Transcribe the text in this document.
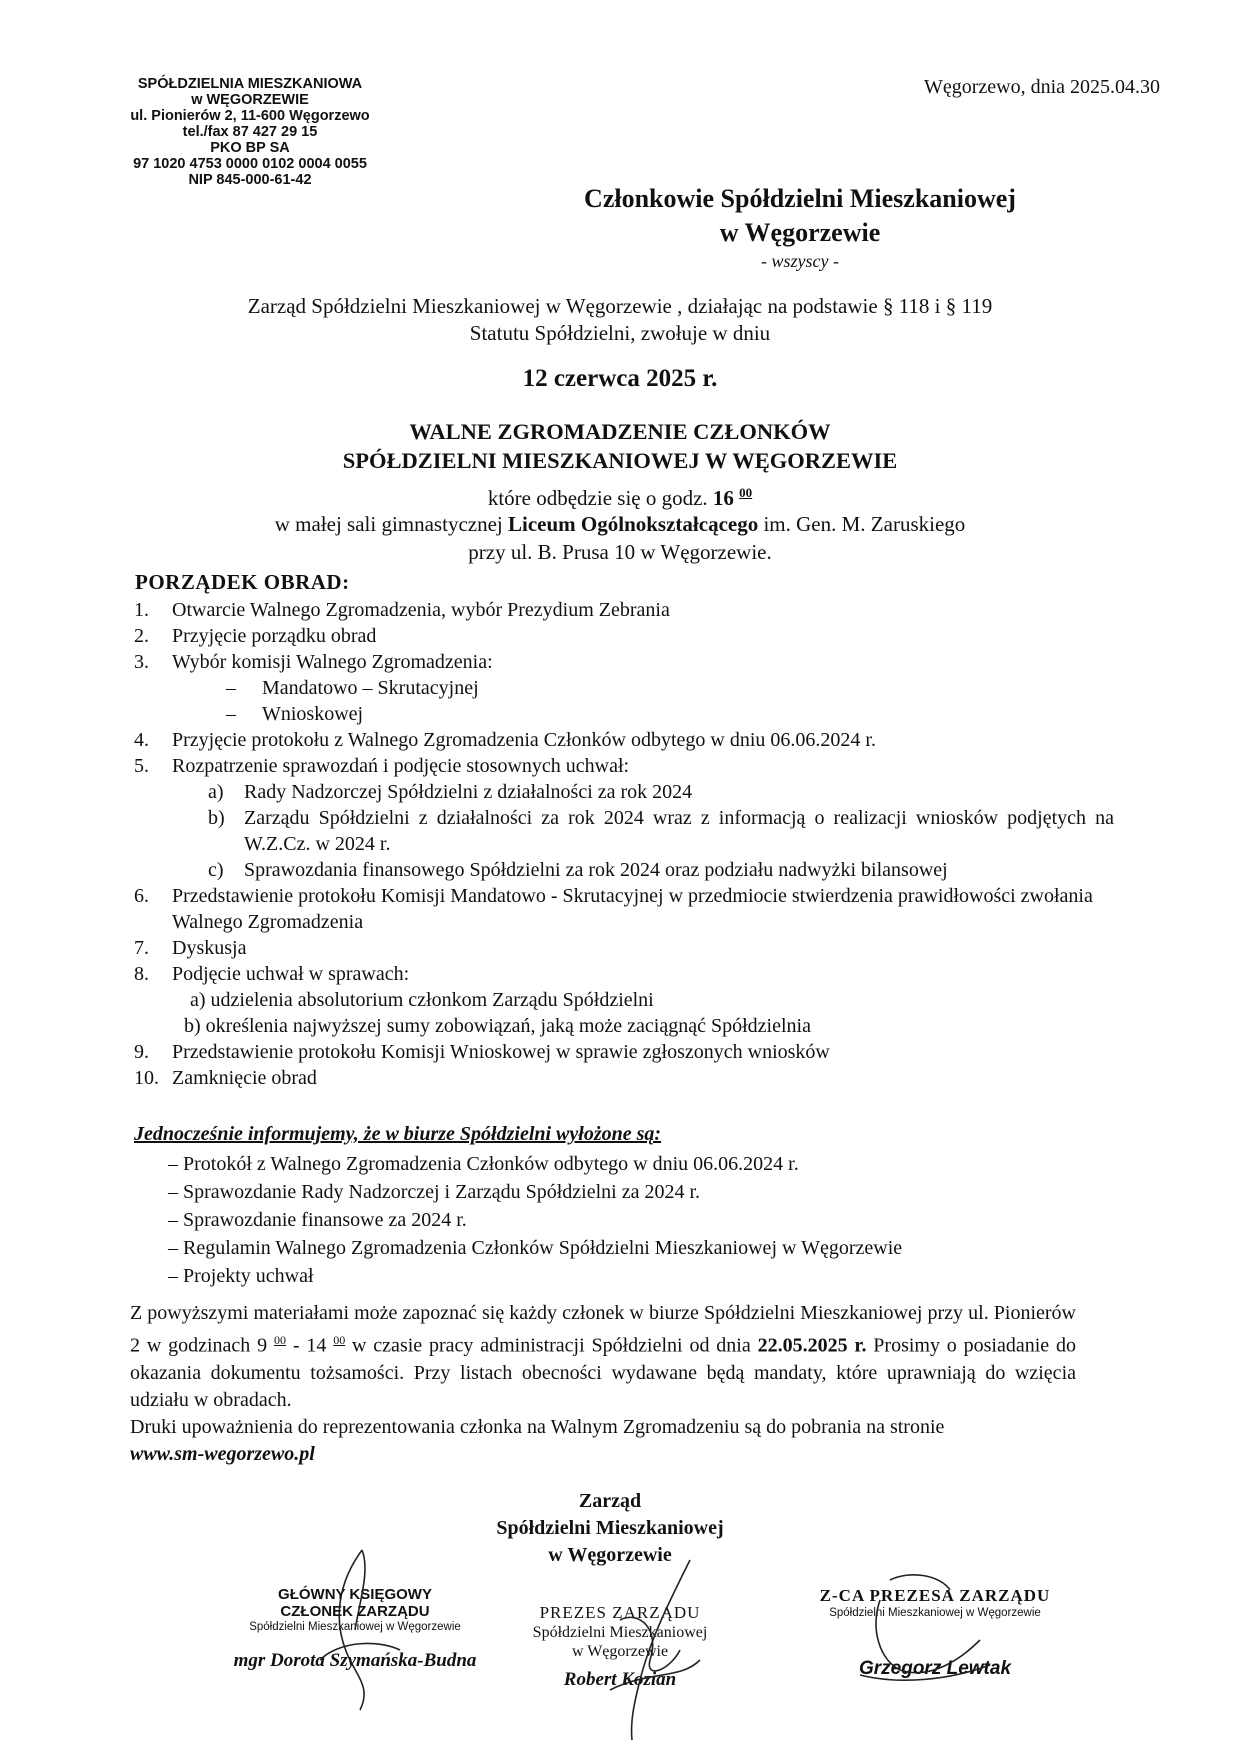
SPÓŁDZIELNIA MIESZKANIOWA
w WĘGORZEWIE
ul. Pionierów 2, 11-600 Węgorzewo
tel./fax 87 427 29 15
PKO BP SA
97 1020 4753 0000 0102 0004 0055
NIP 845-000-61-42
Węgorzewo, dnia 2025.04.30
Członkowie Spółdzielni Mieszkaniowej
w Węgorzewie
- wszyscy -
Zarząd Spółdzielni Mieszkaniowej w Węgorzewie , działając na podstawie § 118 i § 119
Statutu Spółdzielni, zwołuje w dniu
12 czerwca 2025 r.
WALNE ZGROMADZENIE CZŁONKÓW
SPÓŁDZIELNI MIESZKANIOWEJ W WĘGORZEWIE
które odbędzie się o godz. 16 $^{00}$
w małej sali gimnastycznej Liceum Ogólnokształcącego im. Gen. M. Zaruskiego
przy ul. B. Prusa 10 w Węgorzewie.
PORZĄDEK OBRAD:
1.	Otwarcie Walnego Zgromadzenia, wybór Prezydium Zebrania
2.	Przyjęcie porządku obrad
3.	Wybór komisji Walnego Zgromadzenia:
–	Mandatowo – Skrutacyjnej
–	Wnioskowej
4.	Przyjęcie protokołu z Walnego Zgromadzenia Członków odbytego w dniu 06.06.2024 r.
5.	Rozpatrzenie sprawozdań i podjęcie stosownych uchwał:
a)	Rady Nadzorczej Spółdzielni z działalności za rok 2024
b) Zarządu Spółdzielni z działalności za rok 2024 wraz z informacją o realizacji wniosków podjętych na W.Z.Cz. w 2024 r.
c)	Sprawozdania finansowego Spółdzielni za rok 2024 oraz podziału nadwyżki bilansowej
6.	Przedstawienie protokołu Komisji Mandatowo - Skrutacyjnej w przedmiocie stwierdzenia prawidłowości zwołania Walnego Zgromadzenia
7.	Dyskusja
8.	Podjęcie uchwał w sprawach:
a) udzielenia absolutorium członkom Zarządu Spółdzielni
b) określenia najwyższej sumy zobowiązań, jaką może zaciągnąć Spółdzielnia
9.	Przedstawienie protokołu Komisji Wnioskowej w sprawie zgłoszonych wniosków
10. Zamknięcie obrad
Jednocześnie informujemy, że w biurze Spółdzielni wyłożone są:
– Protokół z Walnego Zgromadzenia Członków odbytego w dniu 06.06.2024 r.
– Sprawozdanie Rady Nadzorczej i Zarządu Spółdzielni za 2024 r.
– Sprawozdanie finansowe za 2024 r.
– Regulamin Walnego Zgromadzenia Członków Spółdzielni Mieszkaniowej w Węgorzewie
– Projekty uchwał
Z powyższymi materiałami może zapoznać się każdy członek w biurze Spółdzielni Mieszkaniowej przy ul. Pionierów 2 w godzinach 9 $^{00}$ - 14 $^{00}$ w czasie pracy administracji Spółdzielni od dnia 22.05.2025 r. Prosimy o posiadanie do okazania dokumentu tożsamości. Przy listach obecności wydawane będą mandaty, które uprawniają do wzięcia udziału w obradach.
Druki upoważnienia do reprezentowania członka na Walnym Zgromadzeniu są do pobrania na stronie
www.sm-wegorzewo.pl
Zarząd
Spółdzielni Mieszkaniowej
w Węgorzewie
GŁÓWNY KSIĘGOWY
CZŁONEK ZARZĄDU
Spółdzielni Mieszkaniowej w Węgorzewie
mgr Dorota Szymańska-Budna
PREZES ZARZĄDU
Spółdzielni Mieszkaniowej
w Węgorzewie
Robert Kozian
Z-CA PREZESA ZARZĄDU
Spółdzielni Mieszkaniowej w Węgorzewie
Grzegorz Lewtak
